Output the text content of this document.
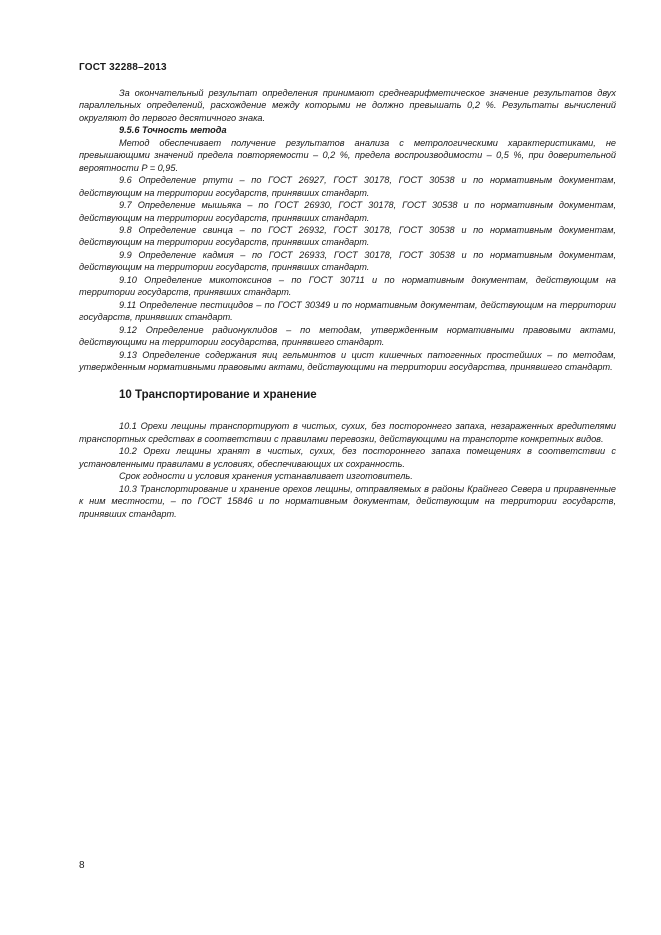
ГОСТ 32288–2013

За окончательный результат определения принимают среднеарифметическое значение результатов двух параллельных определений, расхождение между которыми не должно превышать 0,2 %. Результаты вычислений округляют до первого десятичного знака.

9.5.6 Точность метода

Метод обеспечивает получение результатов анализа с метрологическими характеристиками, не превышающими значений предела повторяемости – 0,2 %, предела воспроизводимости – 0,5 %, при доверительной вероятности P = 0,95.

9.6 Определение ртути – по ГОСТ 26927, ГОСТ 30178, ГОСТ 30538 и по нормативным документам, действующим на территории государств, принявших стандарт.

9.7 Определение мышьяка – по ГОСТ 26930, ГОСТ 30178, ГОСТ 30538 и по нормативным документам, действующим на территории государств, принявших стандарт.

9.8 Определение свинца – по ГОСТ 26932, ГОСТ 30178, ГОСТ 30538 и по нормативным документам, действующим на территории государств, принявших стандарт.

9.9 Определение кадмия – по ГОСТ 26933, ГОСТ 30178, ГОСТ 30538 и по нормативным документам, действующим на территории государств, принявших стандарт.

9.10 Определение микотоксинов – по ГОСТ 30711 и по нормативным документам, действующим на территории государств, принявших стандарт.

9.11 Определение пестицидов – по ГОСТ 30349 и по нормативным документам, действующим на территории государств, принявших стандарт.

9.12 Определение радионуклидов – по методам, утвержденным нормативными правовыми актами, действующими на территории государства, принявшего стандарт.

9.13 Определение содержания яиц гельминтов и цист кишечных патогенных простейших – по методам, утвержденным нормативными правовыми актами, действующими на территории государства, принявшего стандарт.

10 Транспортирование и хранение

10.1 Орехи лещины транспортируют в чистых, сухих, без постороннего запаха, незараженных вредителями транспортных средствах в соответствии с правилами перевозки, действующими на транспорте конкретных видов.

10.2 Орехи лещины хранят в чистых, сухих, без постороннего запаха помещениях в соответствии с установленными правилами в условиях, обеспечивающих их сохранность.

Срок годности и условия хранения устанавливает изготовитель.

10.3 Транспортирование и хранение орехов лещины, отправляемых в районы Крайнего Севера и приравненные к ним местности, – по ГОСТ 15846 и по нормативным документам, действующим на территории государств, принявших стандарт.

8
